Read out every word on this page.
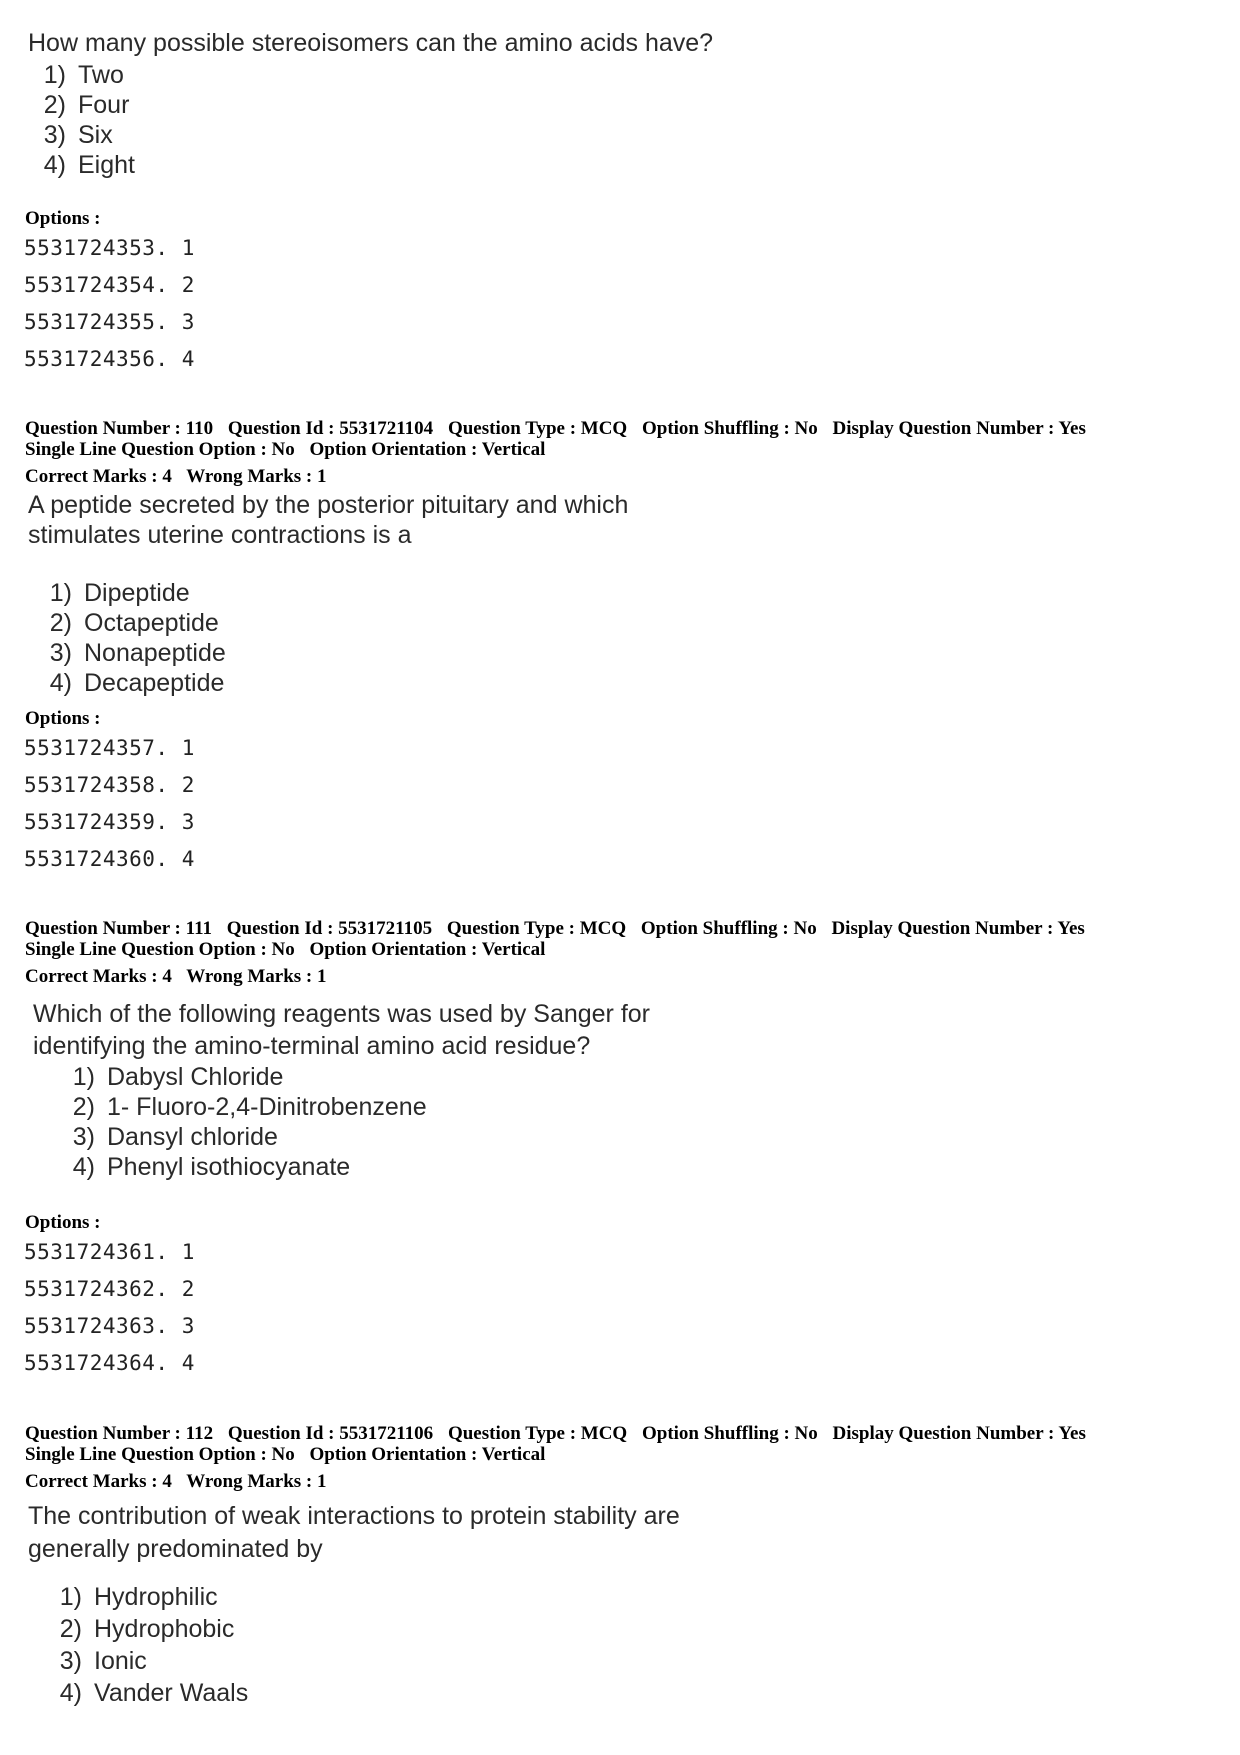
How many possible stereoisomers can the amino acids have?
1) Two
2) Four
3) Six
4) Eight
Options :
5531724353. 1
5531724354. 2
5531724355. 3
5531724356. 4
Question Number : 110 Question Id : 5531721104 Question Type : MCQ Option Shuffling : No Display Question Number : Yes
Single Line Question Option : No Option Orientation : Vertical
Correct Marks : 4 Wrong Marks : 1
A peptide secreted by the posterior pituitary and which
stimulates uterine contractions is a
1) Dipeptide
2) Octapeptide
3) Nonapeptide
4) Decapeptide
Options :
5531724357. 1
5531724358. 2
5531724359. 3
5531724360. 4
Question Number : 111 Question Id : 5531721105 Question Type : MCQ Option Shuffling : No Display Question Number : Yes
Single Line Question Option : No Option Orientation : Vertical
Correct Marks : 4 Wrong Marks : 1
Which of the following reagents was used by Sanger for
identifying the amino-terminal amino acid residue?
1) Dabysl Chloride
2) 1- Fluoro-2,4-Dinitrobenzene
3) Dansyl chloride
4) Phenyl isothiocyanate
Options :
5531724361. 1
5531724362. 2
5531724363. 3
5531724364. 4
Question Number : 112 Question Id : 5531721106 Question Type : MCQ Option Shuffling : No Display Question Number : Yes
Single Line Question Option : No Option Orientation : Vertical
Correct Marks : 4 Wrong Marks : 1
The contribution of weak interactions to protein stability are
generally predominated by
1) Hydrophilic
2) Hydrophobic
3) Ionic
4) Vander Waals
